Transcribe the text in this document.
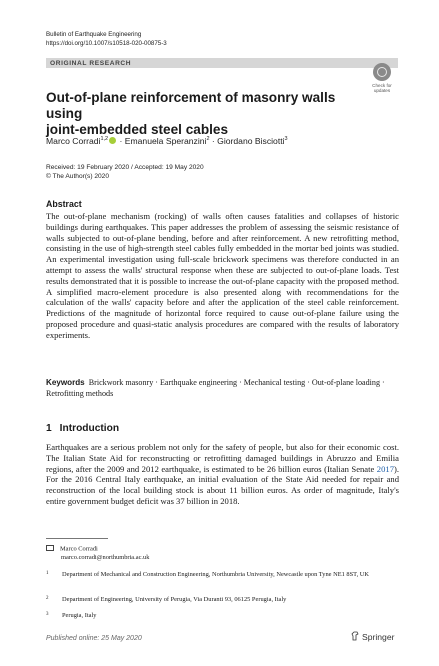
Bulletin of Earthquake Engineering
https://doi.org/10.1007/s10518-020-00875-3
ORIGINAL RESEARCH
Check for
updates
Out-of-plane reinforcement of masonry walls using
joint-embedded steel cables
Marco Corradi$^{1,2}$ · Emanuela Speranzini$^2$ · Giordano Bisciotti$^3$
Received: 19 February 2020 / Accepted: 19 May 2020
© The Author(s) 2020
Abstract
The out-of-plane mechanism (rocking) of walls often causes fatalities and collapses of historic buildings during earthquakes. This paper addresses the problem of assessing the seismic resistance of walls subjected to out-of-plane bending, before and after reinforcement. A new retrofitting method, consisting in the use of high-strength steel cables fully embedded in the mortar bed joints was studied. An experimental investigation using full-scale brickwork specimens was therefore conducted in an attempt to assess the walls' structural response when these are subjected to out-of-plane loads. Test results demonstrated that it is possible to increase the out-of-plane capacity with the proposed method. A simplified macro-element procedure is also presented along with recommendations for the calculation of the walls' capacity before and after the application of the steel cable reinforcement. Predictions of the magnitude of horizontal force required to cause out-of-plane failure using the proposed procedure and quasi-static analysis procedures are compared with the results of laboratory experiments.
Keywords Brickwork masonry · Earthquake engineering · Mechanical testing · Out-of-plane loading · Retrofitting methods
1 Introduction
Earthquakes are a serious problem not only for the safety of people, but also for their economic cost. The Italian State Aid for reconstructing or retrofitting damaged buildings in Abruzzo and Emilia regions, after the 2009 and 2012 earthquake, is estimated to be 26 billion euros (Italian Senate 2017). For the 2016 Central Italy earthquake, an initial evaluation of the State Aid needed for repair and reconstruction of the local building stock is about 11 billion euros. As order of magnitude, Italy's entire government budget deficit was 37 billion in 2018.
Marco Corradi
marco.corradi@northumbria.ac.uk
1 Department of Mechanical and Construction Engineering, Northumbria University, Newcastle upon Tyne NE1 8ST, UK
2 Department of Engineering, University of Perugia, Via Duranti 93, 06125 Perugia, Italy
3 Perugia, Italy
Published online: 25 May 2020	Springer
